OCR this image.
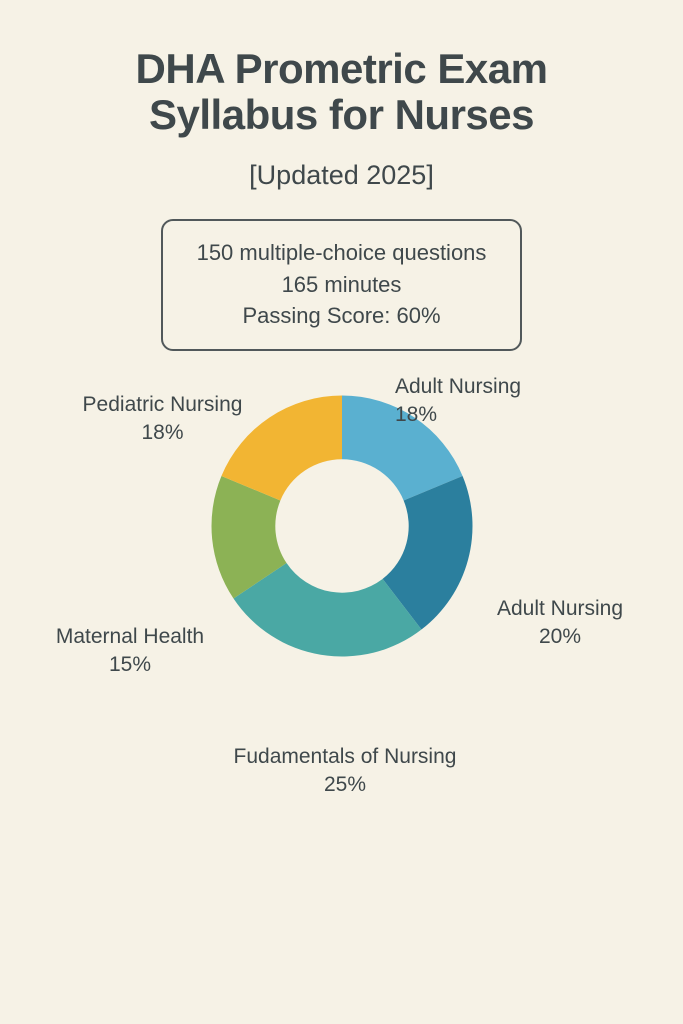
DHA Prometric Exam Syllabus for Nurses
[Updated 2025]
150 multiple-choice questions
165 minutes
Passing Score: 60%
Adult Nursing
18%
Adult Nursing
20%
Fudamentals of Nursing
25%
Maternal Health
15%
Pediatric Nursing
18%
